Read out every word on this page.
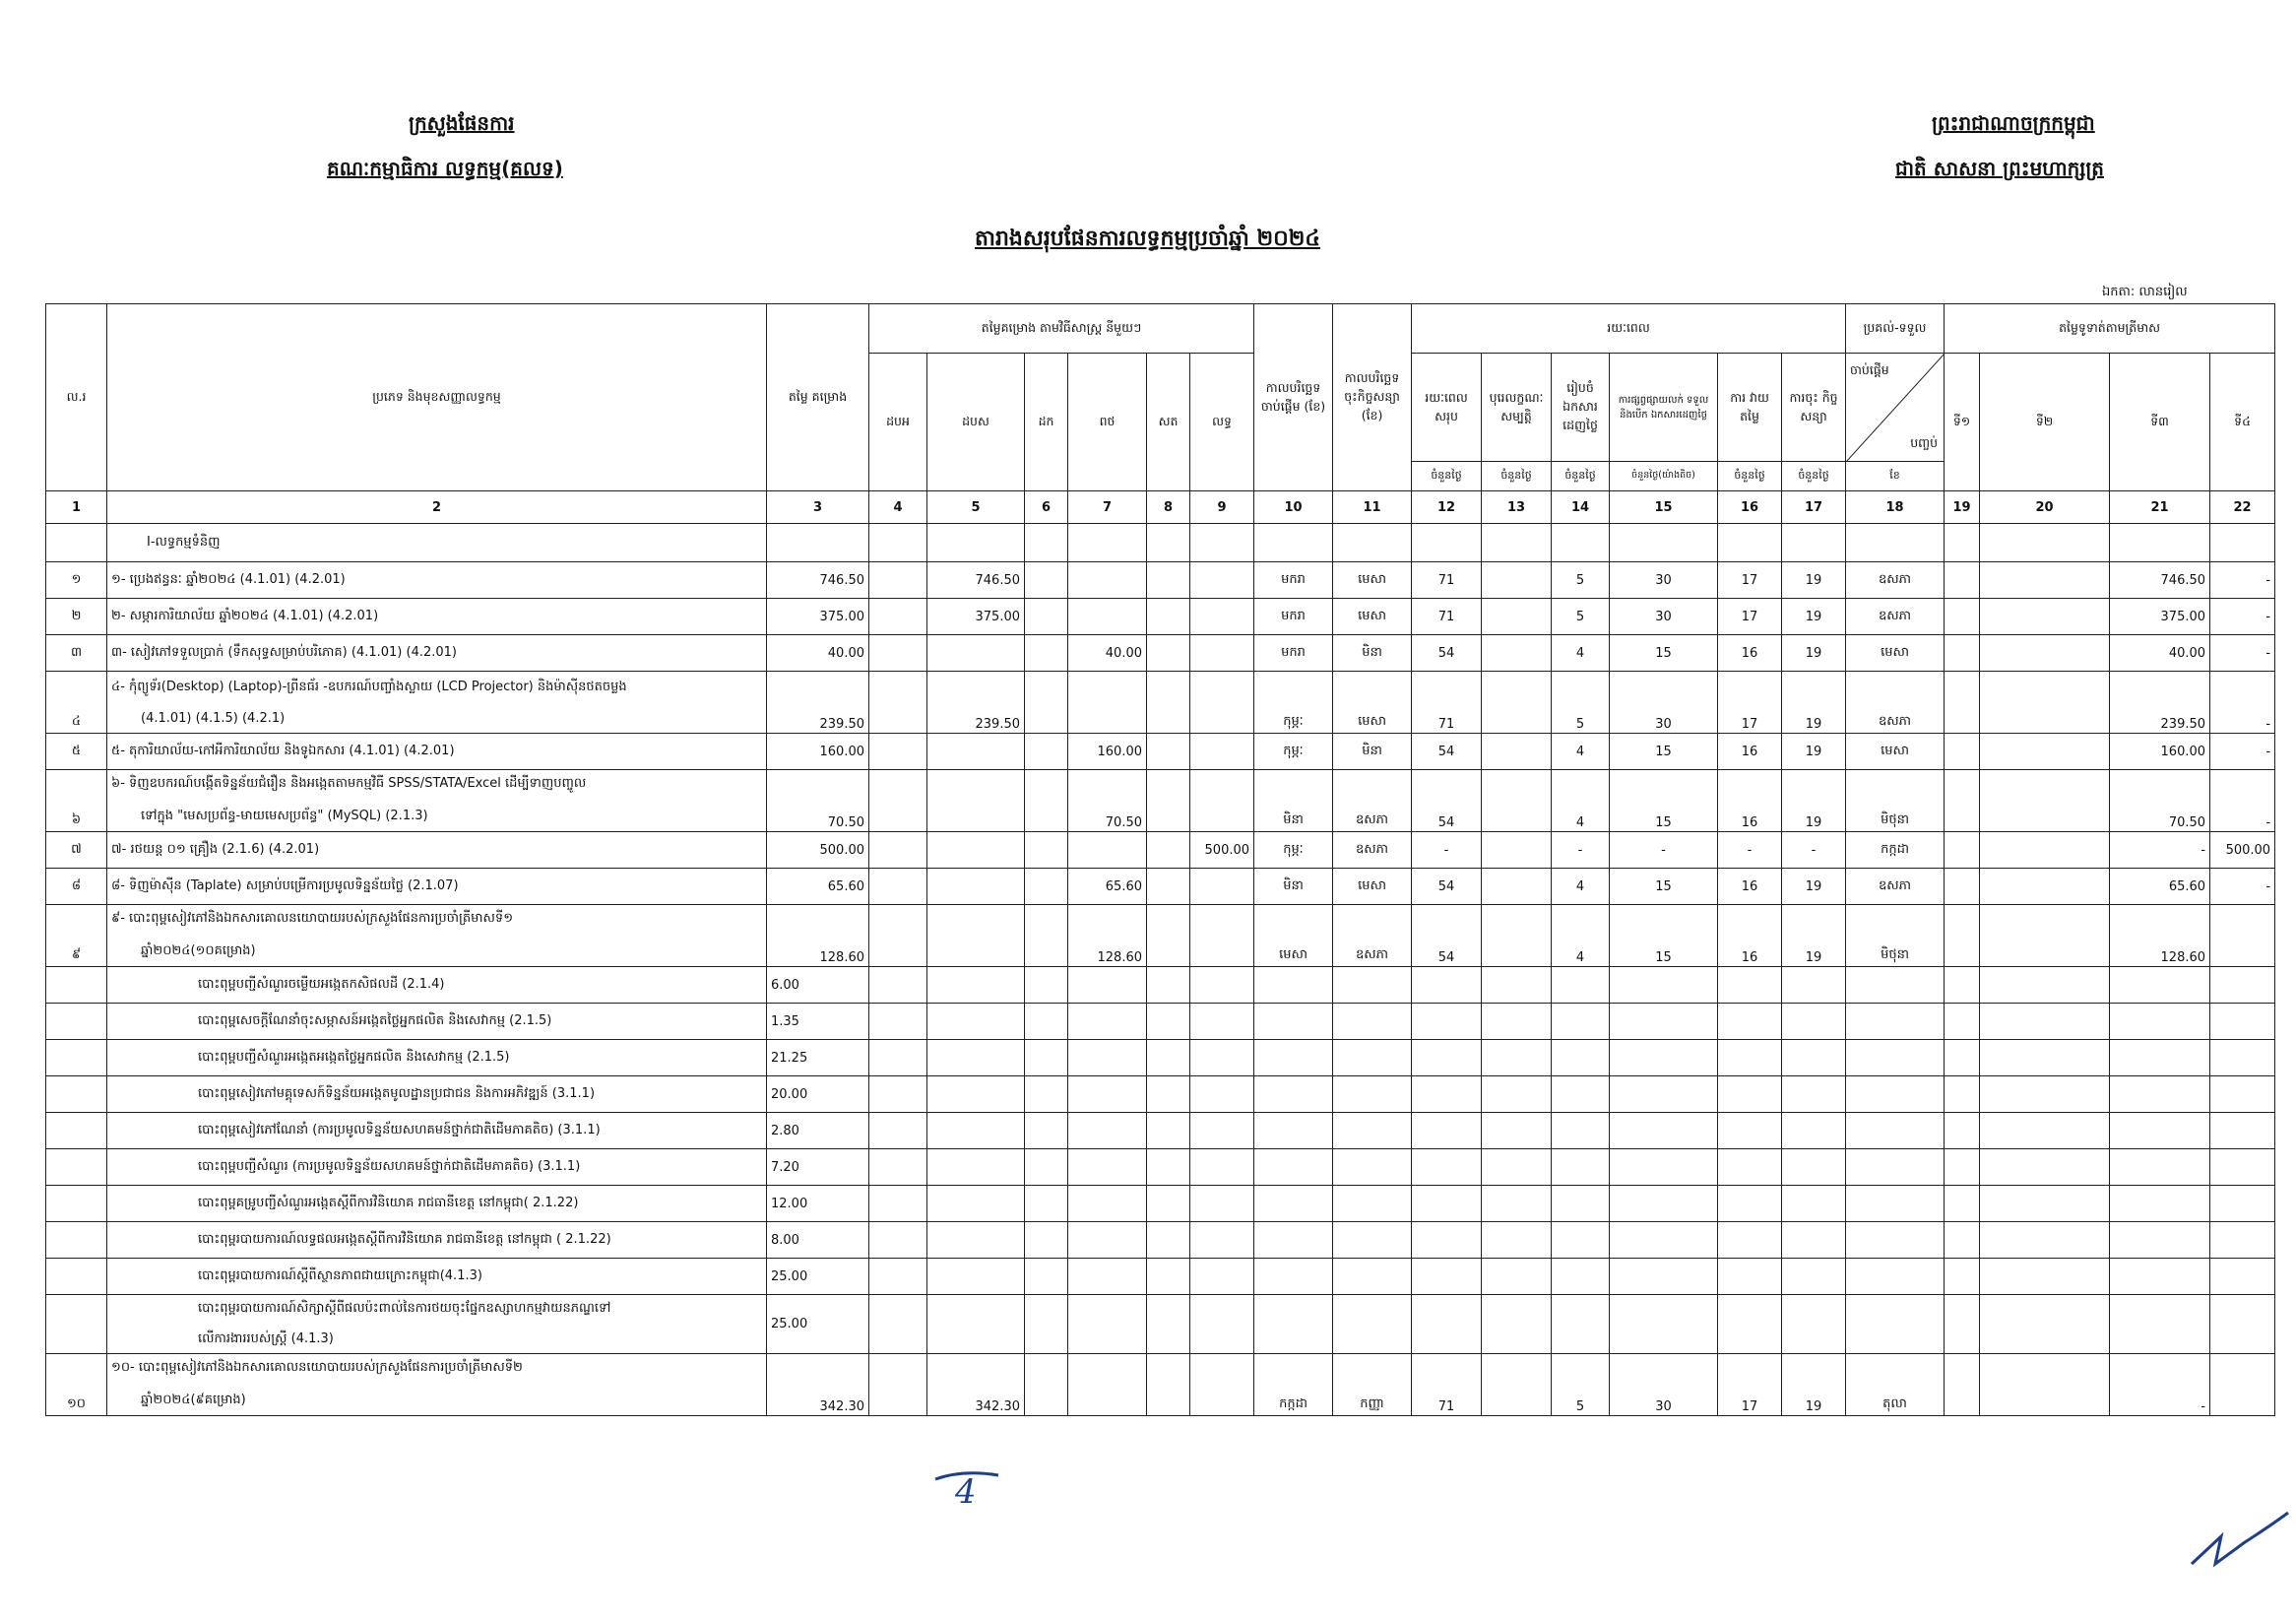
ក្រសួងផែនការ
គណៈកម្មាធិការ លទ្ធកម្ម(គលទ)
ព្រះរាជាណាចក្រកម្ពុជា
ជាតិ សាសនា ព្រះមហាក្សត្រ
តារាងសរុបផែនការលទ្ធកម្មប្រចាំឆ្នាំ ២០២៤
ឯកតា: លានរៀល
ល.រ	ប្រភេទ និងមុខសញ្ញាលទ្ធកម្ម	តម្លៃ គម្រោង	តម្លៃគម្រោង តាមវិធីសាស្រ្ត នីមួយៗ						កាលបរិច្ឆេទ ចាប់ផ្តើម (ខែ)	កាលបរិច្ឆេទ ចុះកិច្ចសន្យា (ខែ)	រយៈពេល						ប្រគល់-ទទួល	តម្លៃទូទាត់តាមត្រីមាស				
			ដបអ	ដបស	ដក	ពថ	សត	លទ្ធ			រយៈពេល សរុប	បុរេលក្ខណៈ សម្បត្តិ	រៀបចំ ឯកសារ ដេញថ្លៃ	ការផ្សព្វផ្សាយលក់ ទទួល និងបើក ឯកសារដេញថ្លៃ	ការ វាយតម្លៃ	ការចុះ កិច្ចសន្យា	ចាប់ផ្តើម
បញ្ចប់	ទី១	ទី២	ទី៣	ទី៤	
											ចំនួនថ្ងៃ	ចំនួនថ្ងៃ	ចំនួនថ្ងៃ	ចំនួនថ្ងៃ(យ៉ាងតិច)	ចំនួនថ្ងៃ	ចំនួនថ្ងៃ	ខែ					
1	2	3	4	5	6	7	8	9	10	11	12	13	14	15	16	17	18	19	20	21	22	
	I-លទ្ធកម្មទំនិញ																					
១	១- ប្រេងឥន្ធនៈ ឆ្នាំ២០២៤ (4.1.01) (4.2.01)	746.50		746.50					មករា	មេសា	71		5	30	17	19	ឧសភា			746.50	-	
២	២- សម្ភារការិយាល័យ ឆ្នាំ២០២៤ (4.1.01) (4.2.01)	375.00		375.00					មករា	មេសា	71		5	30	17	19	ឧសភា			375.00	-	
៣	៣- សៀវភៅទទួលប្រាក់ (ទឹកសុទ្ធសម្រាប់បរិភោគ) (4.1.01) (4.2.01)	40.00				40.00			មករា	មិនា	54		4	15	16	19	មេសា			40.00	-	
៤	៤- កុំព្យូទ័រ(Desktop) (Laptop)-ព្រីនធ័រ -ឧបករណ៍បញ្ចាំងស្លាយ (LCD Projector) និងម៉ាស៊ីនថតចម្លង
(4.1.01) (4.1.5) (4.2.1)	239.50		239.50					កុម្ភៈ	មេសា	71		5	30	17	19	ឧសភា			239.50	-	
៥	៥- តុការិយាល័យ-កៅអីការិយាល័យ និងទូឯកសារ (4.1.01) (4.2.01)	160.00				160.00			កុម្ភៈ	មិនា	54		4	15	16	19	មេសា			160.00	-	
៦	៦- ទិញឧបករណ៍បង្កើតទិន្នន័យជំរឿន និងអង្កេតតាមកម្មវិធី SPSS/STATA/Excel ដើម្បីទាញបញ្ចូល
ទៅក្នុង "មេសប្រព័ន្ធ-មាយមេសប្រព័ន្ធ" (MySQL) (2.1.3)	70.50				70.50			មិនា	ឧសភា	54		4	15	16	19	មិថុនា			70.50	-	
៧	៧- រថយន្ត ០១ គ្រឿង (2.1.6) (4.2.01)	500.00						500.00	កុម្ភៈ	ឧសភា	-		-	-	-	-	កក្កដា			-	500.00	
៨	៨- ទិញម៉ាស៊ីន (Taplate) សម្រាប់បម្រើការប្រមូលទិន្នន័យថ្លៃ (2.1.07)	65.60				65.60			មិនា	មេសា	54		4	15	16	19	ឧសភា			65.60	-	
៩	៩- បោះពុម្ពសៀវភៅនិងឯកសារគោលនយោបាយរបស់ក្រសួងផែនការប្រចាំត្រីមាសទី១
ឆ្នាំ២០២៤(១០គម្រោង)	128.60				128.60			មេសា	ឧសភា	54		4	15	16	19	មិថុនា			128.60		

	បោះពុម្ពបញ្ជីសំណួរចម្លើយអង្កេតកសិផលដី (2.1.4)	6.00																				

	បោះពុម្ពសេចក្តីណែនាំចុះសម្ភាសន៍អង្កេតថ្លៃអ្នកផលិត និងសេវាកម្ម (2.1.5)	1.35																				

	បោះពុម្ពបញ្ជីសំណួរអង្កេតអង្កេតថ្លៃអ្នកផលិត និងសេវាកម្ម (2.1.5)	21.25																				

	បោះពុម្ពសៀវភៅមគ្គុទេសក៍ទិន្នន័យអង្កេតមូលដ្ឋានប្រជាជន និងការអភិវឌ្ឍន៍ (3.1.1)	20.00																				

	បោះពុម្ពសៀវភៅណែនាំ (ការប្រមូលទិន្នន័យសហគមន៍ថ្នាក់ជាតិដើមភាគតិច) (3.1.1)	2.80																				

	បោះពុម្ពបញ្ជីសំណួរ (ការប្រមូលទិន្នន័យសហគមន៍ថ្នាក់ជាតិដើមភាគតិច) (3.1.1)	7.20																				

	បោះពុម្ពគម្រូបញ្ជីសំណួរអង្កេតស្តីពីការវិនិយោគ រាជធានីខេត្ត នៅកម្ពុជា( 2.1.22)	12.00																				

	បោះពុម្ពរបាយការណ៍លទ្ធផលអង្កេតស្តីពីការវិនិយោគ រាជធានីខេត្ត នៅកម្ពុជា ( 2.1.22)	8.00																				

	បោះពុម្ពរបាយការណ៍ស្តីពីស្ថានភាពជាយក្រោះកម្ពុជា(4.1.3)	25.00																				

	បោះពុម្ពរបាយការណ៍សិក្សាស្តីពីផលប៉ះពាល់នៃការថយចុះផ្នែកឧស្សាហកម្មវាយនភណ្ឌទៅ
លើការងាររបស់ស្ត្រី (4.1.3)	25.00																				
១០	១០- បោះពុម្ពសៀវភៅនិងឯកសារគោលនយោបាយរបស់ក្រសួងផែនការប្រចាំត្រីមាសទី២
ឆ្នាំ២០២៤(៩គម្រោង)	342.30		342.30					កក្កដា	កញ្ញា	71		5	30	17	19	តុលា			-		
4
